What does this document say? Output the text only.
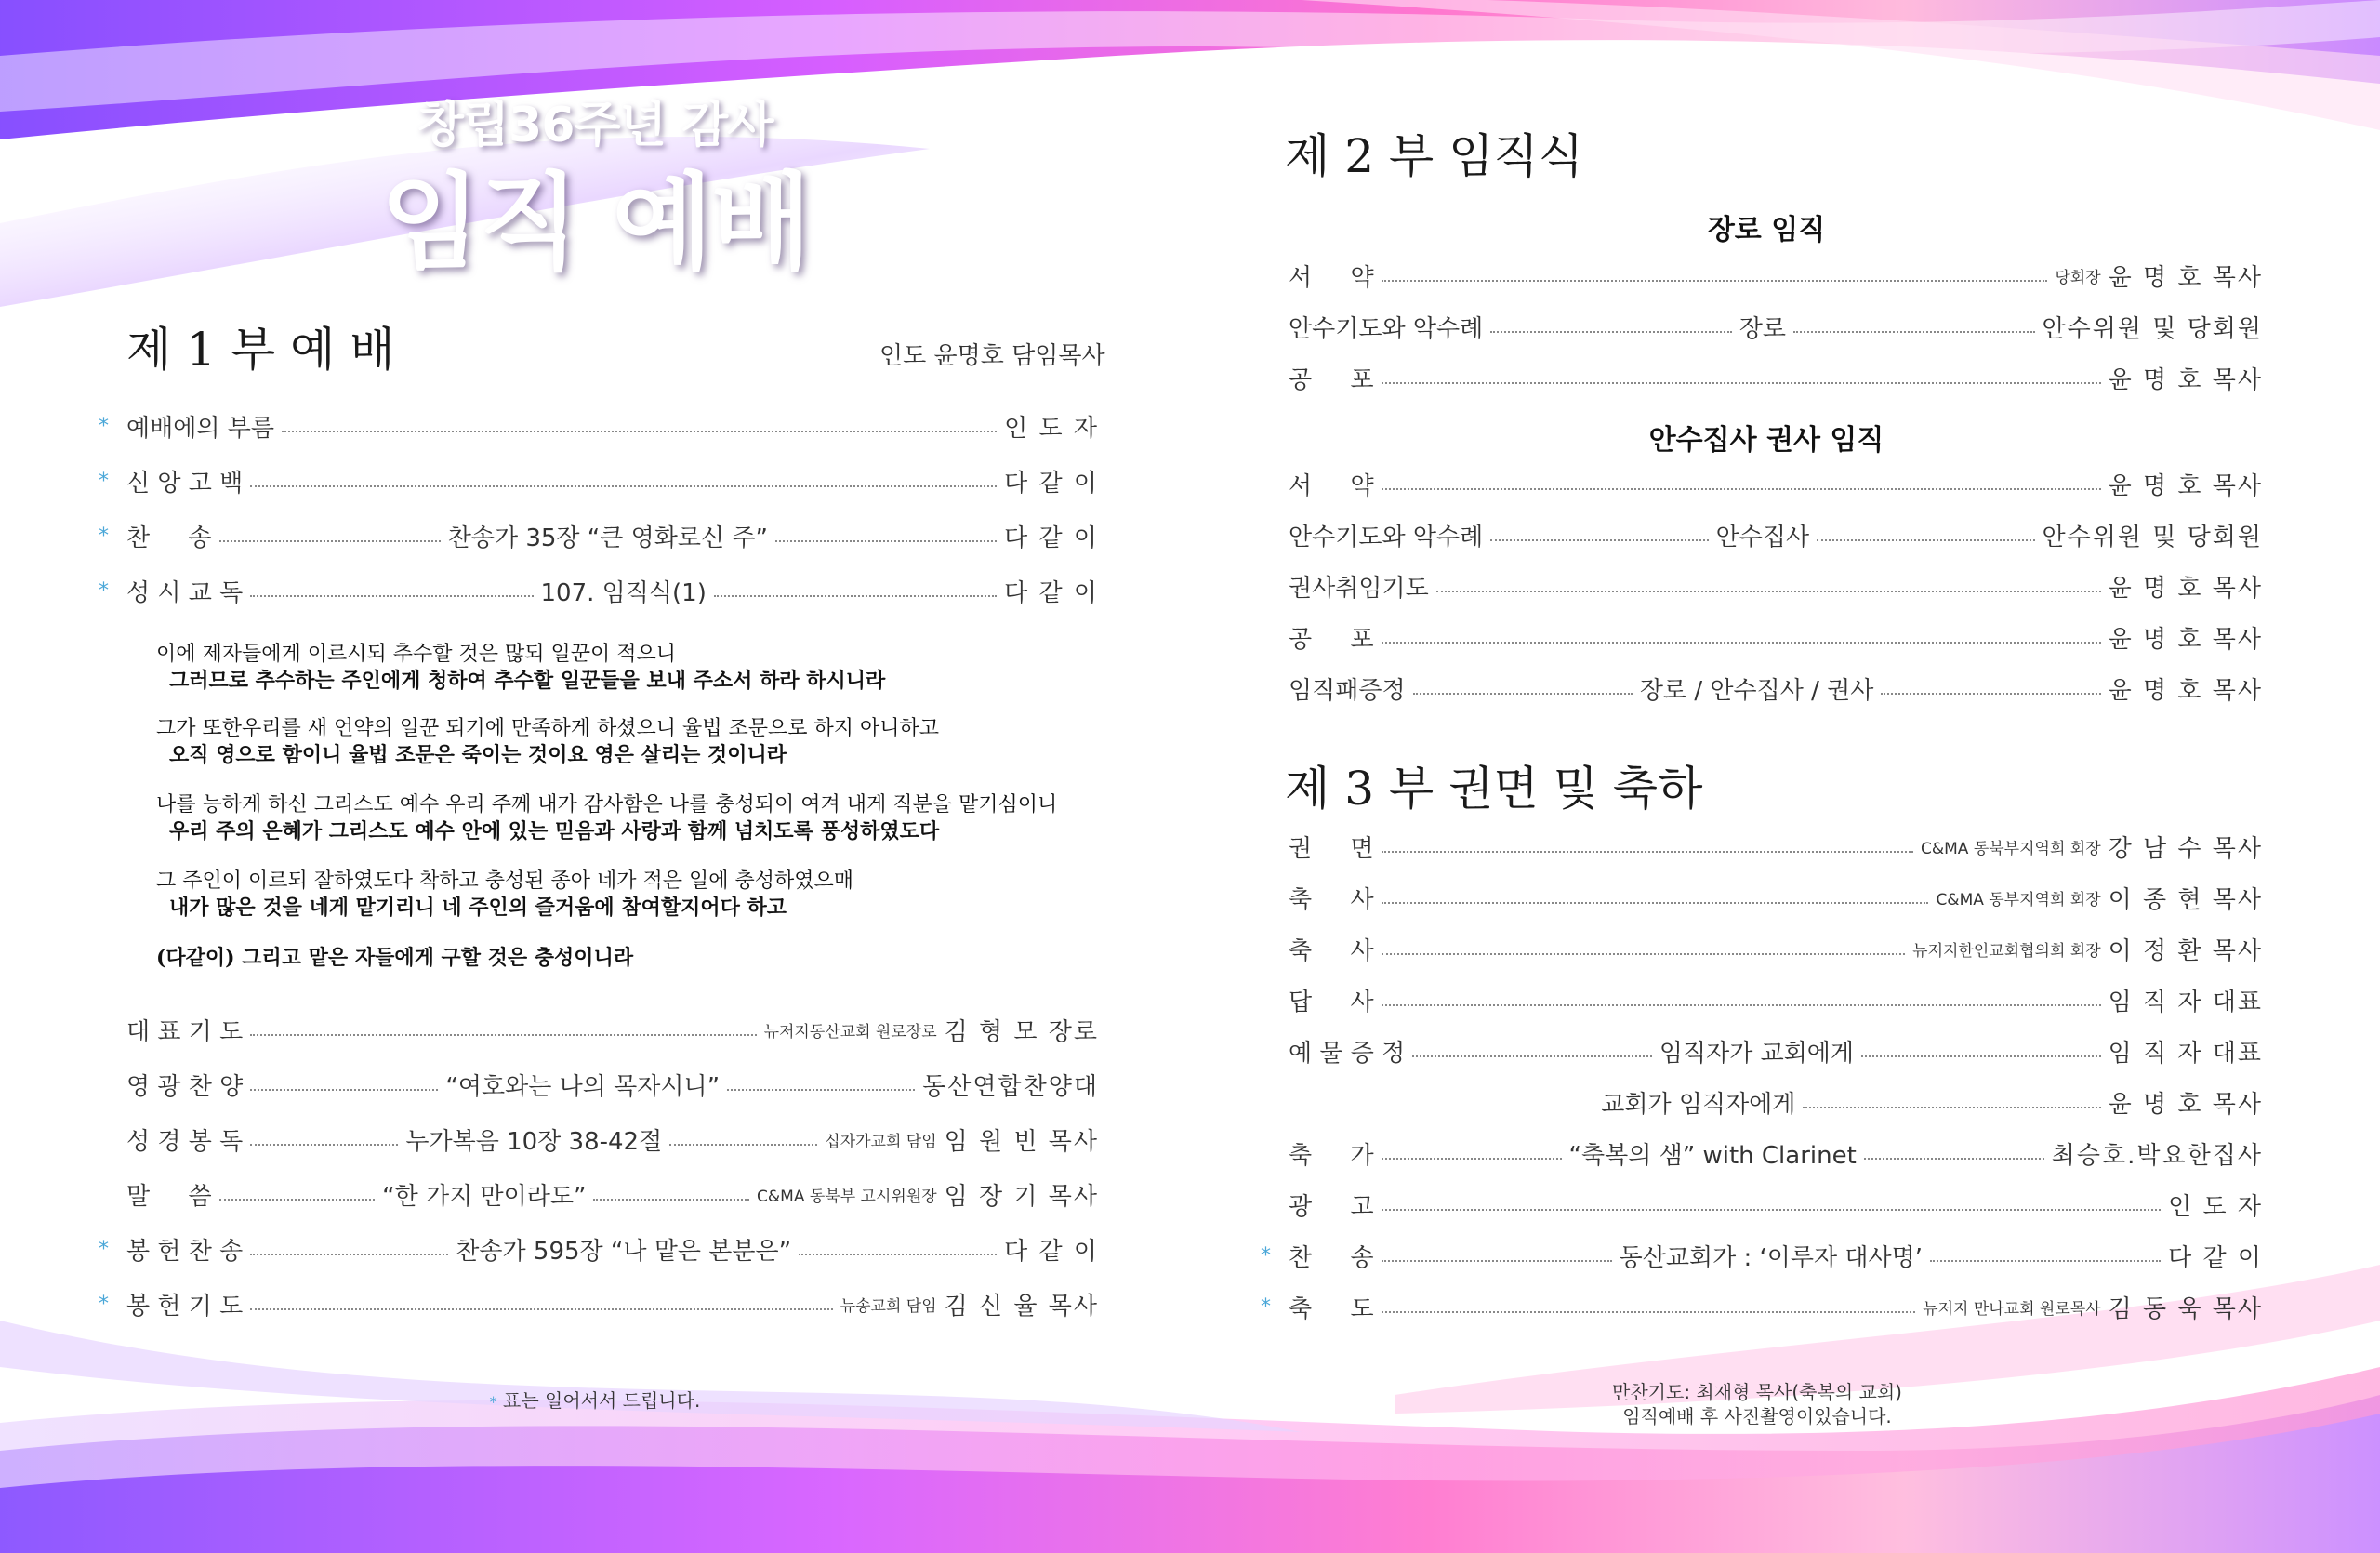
창립36주년 감사
임직 예배
제 1 부 예 배	인도 윤명호 담임목사
* 예배에의 부름	인 도 자
* 신 앙 고 백	다 같 이
* 찬     송	찬송가 35장 “큰 영화로신 주”	다 같 이
* 성 시 교 독	107. 임직식(1)	다 같 이
이에 제자들에게 이르시되 추수할 것은 많되 일꾼이 적으니
그러므로 추수하는 주인에게 청하여 추수할 일꾼들을 보내 주소서 하라 하시니라
그가 또한우리를 새 언약의 일꾼 되기에 만족하게 하셨으니 율법 조문으로 하지 아니하고
오직 영으로 함이니 율법 조문은 죽이는 것이요 영은 살리는 것이니라
나를 능하게 하신 그리스도 예수 우리 주께 내가 감사함은 나를 충성되이 여겨 내게 직분을 맡기심이니
우리 주의 은혜가 그리스도 예수 안에 있는 믿음과 사랑과 함께 넘치도록 풍성하였도다
그 주인이 이르되 잘하였도다 착하고 충성된 종아 네가 적은 일에 충성하였으매
내가 많은 것을 네게 맡기리니 네 주인의 즐거움에 참여할지어다 하고
(다같이) 그리고 맡은 자들에게 구할 것은 충성이니라
대 표 기 도	뉴저지동산교회 원로장로 김 형 모 장로
영 광 찬 양	“여호와는 나의 목자시니”	동산연합찬양대
성 경 봉 독	누가복음 10장 38-42절	십자가교회 담임 임 원 빈 목사
말     씀	“한 가지 만이라도”	C&MA 동북부 고시위원장 임 장 기 목사
* 봉 헌 찬 송	찬송가 595장 “나 맡은 본분은”	다 같 이
* 봉 헌 기 도	뉴송교회 담임 김 신 율 목사
* 표는 일어서서 드립니다.
제 2 부 임직식
장로 임직
서     약	당회장 윤 명 호 목사
안수기도와 악수례	장로	안수위원 및 당회원
공     포	윤 명 호 목사
안수집사 권사 임직
서     약	윤 명 호 목사
안수기도와 악수례	안수집사	안수위원 및 당회원
권사취임기도	윤 명 호 목사
공     포	윤 명 호 목사
임직패증정	장로 / 안수집사 / 권사	윤 명 호 목사
제 3 부 권면 및 축하
권     면	C&MA 동북부지역회 회장 강 남 수 목사
축     사	C&MA 동부지역회 회장 이 종 현 목사
축     사	뉴저지한인교회협의회 회장 이 정 환 목사
답     사	임 직 자 대표
예 물 증 정	임직자가 교회에게	임 직 자 대표
교회가 임직자에게	윤 명 호 목사
축     가	“축복의 샘” with Clarinet	최승호.박요한집사
광     고	인 도 자
* 찬     송	동산교회가 : ‘이루자 대사명’	다 같 이
* 축     도	뉴저지 만나교회 원로목사 김 동 욱 목사
만찬기도: 최재형 목사(축복의 교회)
임직예배 후 사진촬영이있습니다.
